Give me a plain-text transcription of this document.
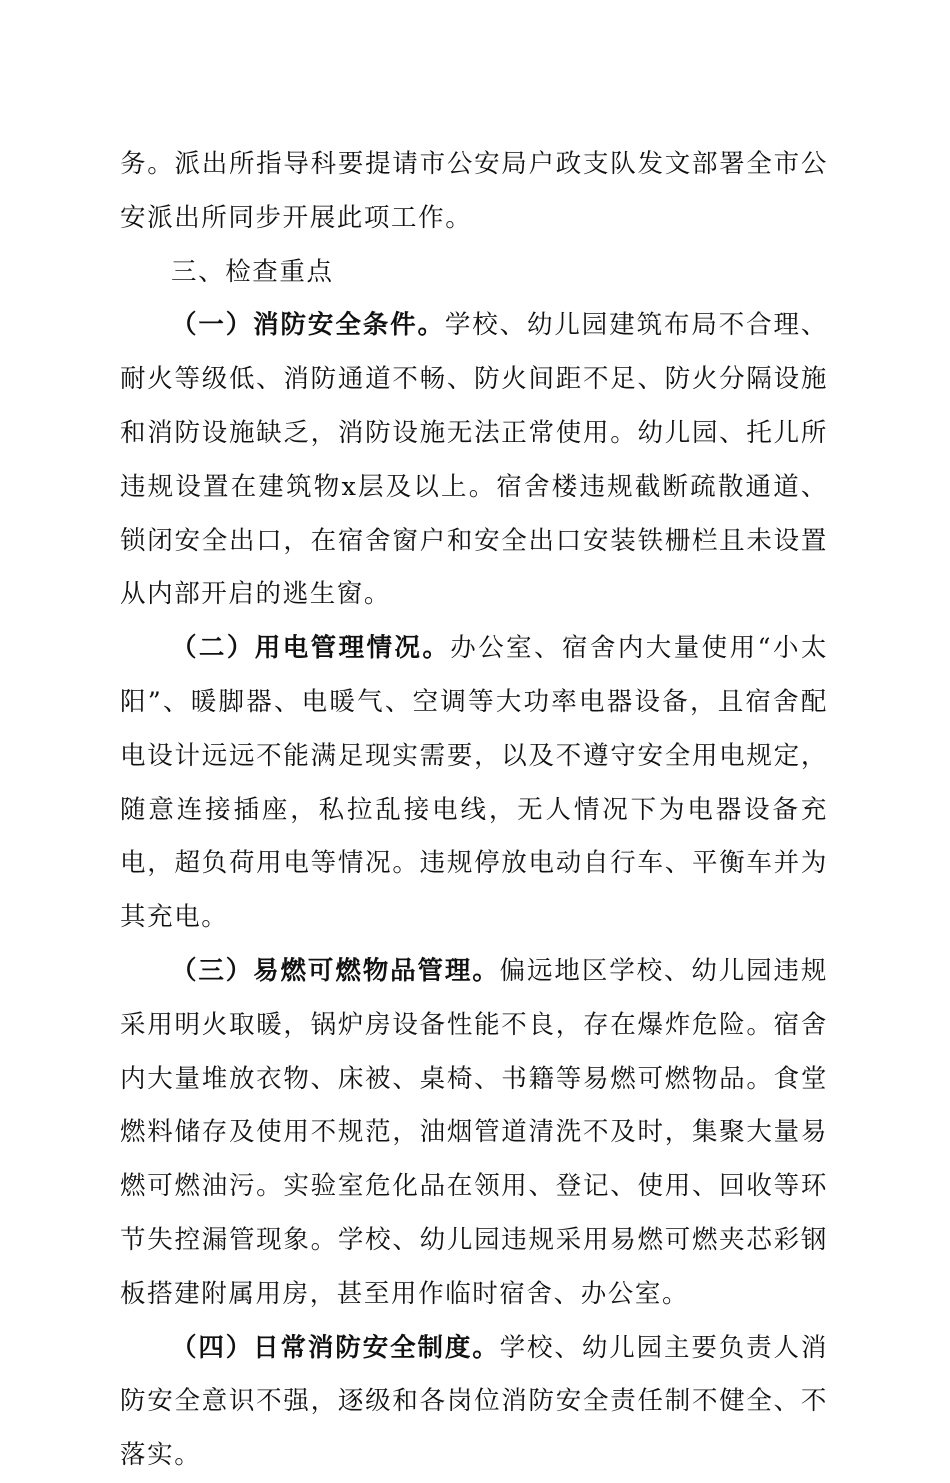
务。派出所指导科要提请市公安局户政支队发文部署全市公安派出所同步开展此项工作。

三、检查重点

（一）消防安全条件。学校、幼儿园建筑布局不合理、耐火等级低、消防通道不畅、防火间距不足、防火分隔设施和消防设施缺乏，消防设施无法正常使用。幼儿园、托儿所违规设置在建筑物x层及以上。宿舍楼违规截断疏散通道、锁闭安全出口，在宿舍窗户和安全出口安装铁栅栏且未设置从内部开启的逃生窗。

（二）用电管理情况。办公室、宿舍内大量使用“小太阳”、暖脚器、电暖气、空调等大功率电器设备，且宿舍配电设计远远不能满足现实需要，以及不遵守安全用电规定，随意连接插座，私拉乱接电线，无人情况下为电器设备充电，超负荷用电等情况。违规停放电动自行车、平衡车并为其充电。

（三）易燃可燃物品管理。偏远地区学校、幼儿园违规采用明火取暖，锅炉房设备性能不良，存在爆炸危险。宿舍内大量堆放衣物、床被、桌椅、书籍等易燃可燃物品。食堂燃料储存及使用不规范，油烟管道清洗不及时，集聚大量易燃可燃油污。实验室危化品在领用、登记、使用、回收等环节失控漏管现象。学校、幼儿园违规采用易燃可燃夹芯彩钢板搭建附属用房，甚至用作临时宿舍、办公室。

（四）日常消防安全制度。学校、幼儿园主要负责人消防安全意识不强，逐级和各岗位消防安全责任制不健全、不落实。
